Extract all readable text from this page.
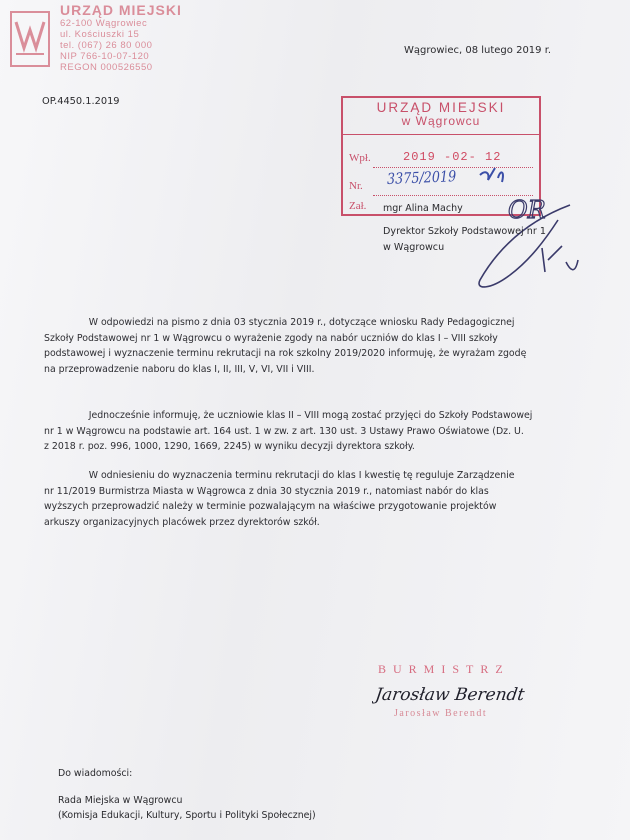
URZĄD MIEJSKI
62-100 Wągrowiec
ul. Kościuszki 15
tel. (067) 26 80 000
NIP 766-10-07-120
REGON 000526550
Wągrowiec, 08 lutego 2019 r.
OP.4450.1.2019	URZĄD MIEJSKI
w Wągrowcu
Wpł.
Nr.
Zał.
2019 -02- 12
3375/2019
mgr Alina Machy OR
Dyrektor Szkoły Podstawowej nr 1
w Wągrowcu
W odpowiedzi na pismo z dnia 03 stycznia 2019 r., dotyczące wniosku Rady Pedagogicznej
Szkoły Podstawowej nr 1 w Wągrowcu o wyrażenie zgody na nabór uczniów do klas I – VIII szkoły
podstawowej i wyznaczenie terminu rekrutacji na rok szkolny 2019/2020 informuję, że wyrażam zgodę
na przeprowadzenie naboru do klas I, II, III, V, VI, VII i VIII.
Jednocześnie informuję, że uczniowie klas II – VIII mogą zostać przyjęci do Szkoły Podstawowej
nr 1 w Wągrowcu na podstawie art. 164 ust. 1 w zw. z art. 130 ust. 3 Ustawy Prawo Oświatowe (Dz. U.
z 2018 r. poz. 996, 1000, 1290, 1669, 2245) w wyniku decyzji dyrektora szkoły.
W odniesieniu do wyznaczenia terminu rekrutacji do klas I kwestię tę reguluje Zarządzenie
nr 11/2019 Burmistrza Miasta w Wągrowca z dnia 30 stycznia 2019 r., natomiast nabór do klas
wyższych przeprowadzić należy w terminie pozwalającym na właściwe przygotowanie projektów
arkuszy organizacyjnych placówek przez dyrektorów szkół.
BURMISTRZ
Jarosław Berendt
Jarosław Berendt
Do wiadomości:
Rada Miejska w Wągrowcu
(Komisja Edukacji, Kultury, Sportu i Polityki Społecznej)
